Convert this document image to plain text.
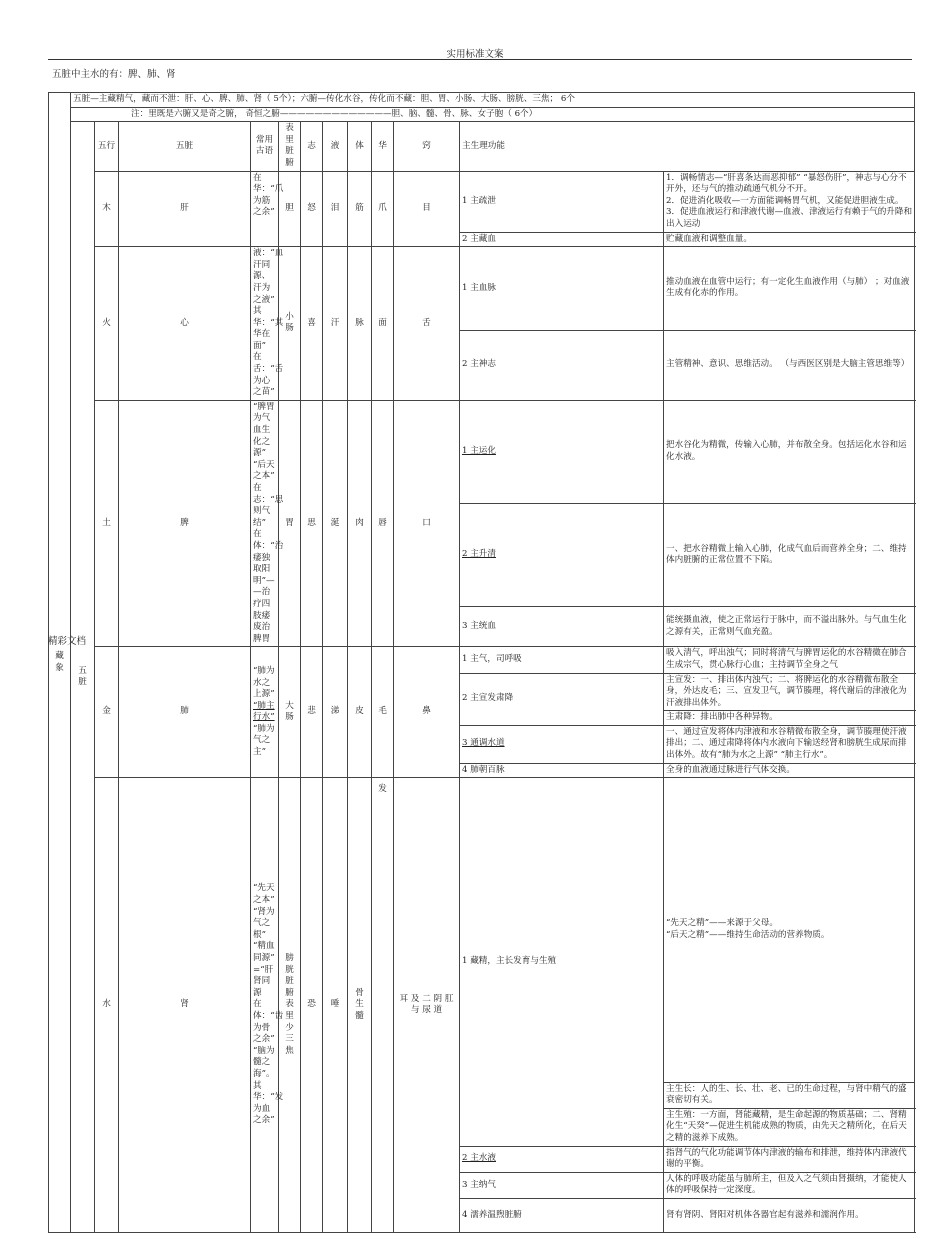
实用标准文案
五脏中主水的有：脾、肺、肾
藏象	五脏—主藏精气，藏而不泄：肝、心、脾、肺、肾（ 5个）；六腑—传化水谷，传化而不藏：胆、胃、小肠、大肠、膀胱、三焦； 6个												
	注：里既是六腑又是奇之腑， 奇恒之腑—————————————胆、脑、髓、骨、脉、女子胞（ 6个）												

	五脏	五行	五脏	常用古语	表里脏腑	志	液	体	华	窍	主生理功能		
		木	肝	在华：“爪为筋之余”	胆	怒	泪	筋	爪	目	1 主疏泄	1．调畅情志—“肝喜条达而恶抑郁” “暴怒伤肝”，神志与心分不开外，还与气的推动疏通气机分不开。
2．促进消化吸收—一方面能调畅胃气机，又能促进胆液生成。
3．促进血液运行和津液代谢—血液、津液运行有赖于气的升降和出入运动	

											2 主藏血	贮藏血液和调整血量。	
		火	心	液：“血汗同源、 汗为之液”
其华：“其华在面”
在舌：“舌为心之苗”	小肠	喜	汗	脉	面	舌	1 主血脉	推动血液在血管中运行；有一定化生血液作用（与肺） ；对血液生成有化赤的作用。	
											2 主神志	主管精神、意识、思维活动。 （与西医区别是大脑主管思维等）	
		土	脾	“脾胃为气血生化之源”
“后天之本”
在志：“思则气结”
在体：“治痿独取阳明”—
—治疗四肢痿废治脾胃	胃	思	涎	肉	唇	口	1 主运化	把水谷化为精微，传输入心肺，并布散全身。包括运化水谷和运化水液。	
											2 主升清	一、把水谷精微上输入心肺，化成气血后而营养全身；二、维持体内脏腑的正常位置不下陷。	
											3 主统血	能统摄血液，使之正常运行于脉中，而不溢出脉外。与气血生化之源有关，正常则气血充盈。	
		金	肺	“肺为水之上源”
“肺主行水”
“肺为气之主”	大肠	悲	涕	皮	毛	鼻	1 主气，司呼吸	吸入清气，呼出浊气；同时将清气与脾胃运化的水谷精微在肺合生成宗气，贯心脉行心血；主持调节全身之气	
											2 主宣发肃降	主宣发：一、排出体内浊气；二、将脾运化的水谷精微布散全身，外达皮毛；三、宣发卫气，调节腠理，将代谢后的津液化为汗液排出体外。	
												主肃降：排出肺中各种异物。	
											3 通调水道	一、通过宣发将体内津液和水谷精微布散全身，调节腠理使汗液排出；二、通过肃降将体内水液向下输送经肾和膀胱生成尿而排出体外。故有“肺为水之上源” “肺主行水”。	
											4 肺朝百脉	全身的血液通过脉进行气体交换。	
		水	肾	“先天之本”
“肾为气之根”
“精血同源” =“肝肾同源
在体：“齿为骨之余” “脑为髓之海”。
其华：“发为血之余”	膀胱脏腑表里少三焦	恐	唾	骨 生 髓	发	耳 及 二 阴 肛 与 尿 道	1 藏精，主长发育与生殖	“先天之精”——来源于父母。
“后天之精”——维持生命活动的营养物质。

												主生长：人的生、长、壮、老、已的生命过程，与肾中精气的盛衰密切有关。	
												主生殖：一方面，肾能藏精，是生命起源的物质基础；二、肾精化生“天癸”—促进生机能成熟的物质，由先天之精所化，在后天之精的滋养下成熟。	
											2 主水液	指肾气的气化功能调节体内津液的输布和排泄，维持体内津液代谢的平衡。	
											3 主纳气	人体的呼吸功能虽与肺所主，但及入之气须由肾摄纳，才能使人体的呼吸保持一定深度。	
											4 濡养温煦脏腑	肾有肾阴、肾阳对机体各器官起有滋养和濡润作用。	
精彩文档
